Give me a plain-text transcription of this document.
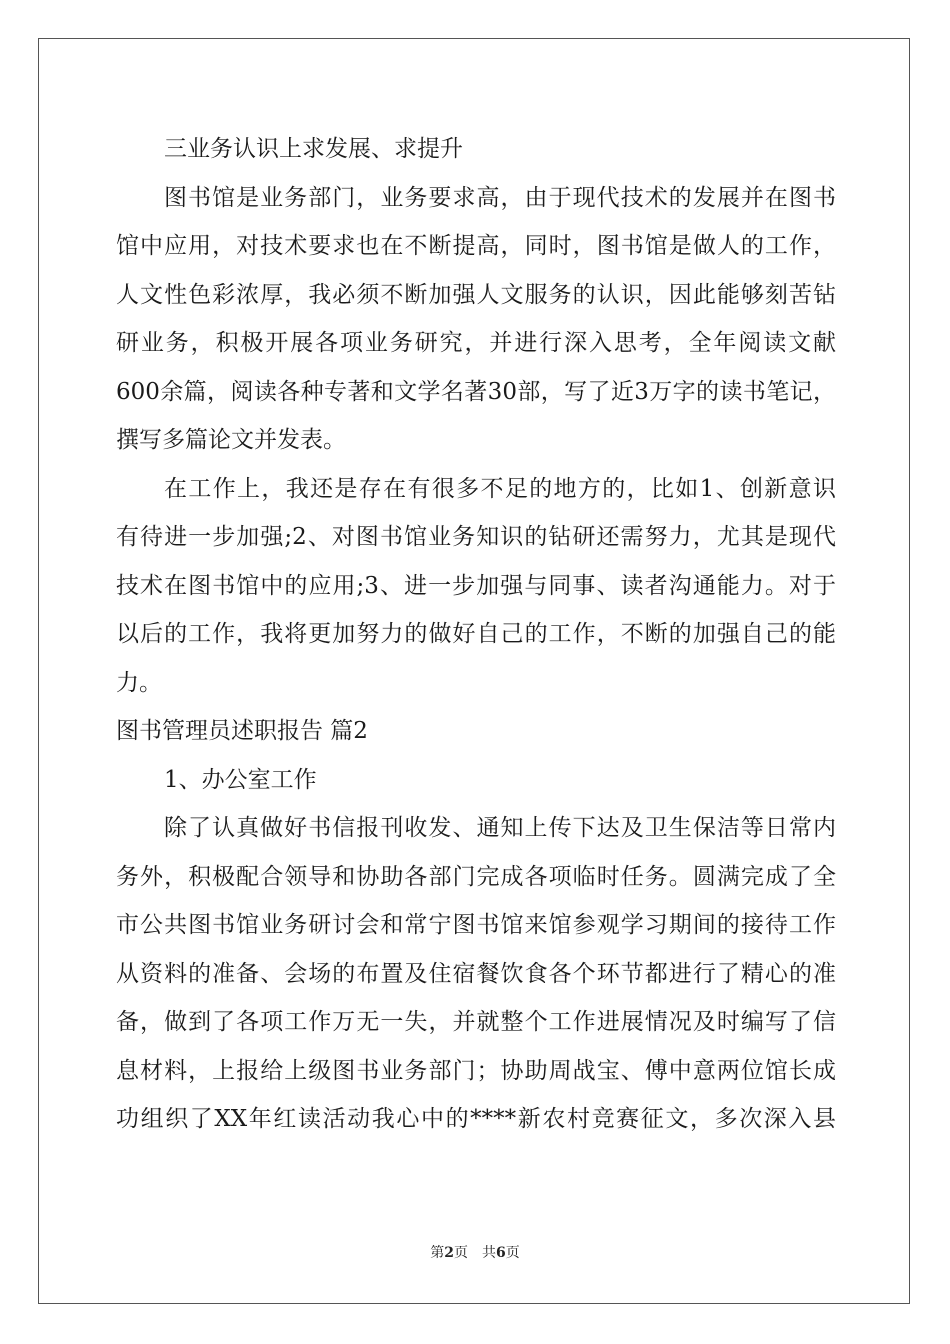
三业务认识上求发展、求提升
图书馆是业务部门，业务要求高，由于现代技术的发展并在图书
馆中应用，对技术要求也在不断提高，同时，图书馆是做人的工作，
人文性色彩浓厚，我必须不断加强人文服务的认识，因此能够刻苦钻
研业务，积极开展各项业务研究，并进行深入思考，全年阅读文献
600余篇，阅读各种专著和文学名著30部，写了近3万字的读书笔记，
撰写多篇论文并发表。
在工作上，我还是存在有很多不足的地方的，比如1、创新意识
有待进一步加强;2、对图书馆业务知识的钻研还需努力，尤其是现代
技术在图书馆中的应用;3、进一步加强与同事、读者沟通能力。对于
以后的工作，我将更加努力的做好自己的工作，不断的加强自己的能
力。
图书管理员述职报告 篇2
1、办公室工作
除了认真做好书信报刊收发、通知上传下达及卫生保洁等日常内
务外，积极配合领导和协助各部门完成各项临时任务。圆满完成了全
市公共图书馆业务研讨会和常宁图书馆来馆参观学习期间的接待工作
从资料的准备、会场的布置及住宿餐饮食各个环节都进行了精心的准
备，做到了各项工作万无一失，并就整个工作进展情况及时编写了信
息材料，上报给上级图书业务部门；协助周战宝、傅中意两位馆长成
功组织了XX年红读活动我心中的****新农村竞赛征文，多次深入县
第2页　共6页
